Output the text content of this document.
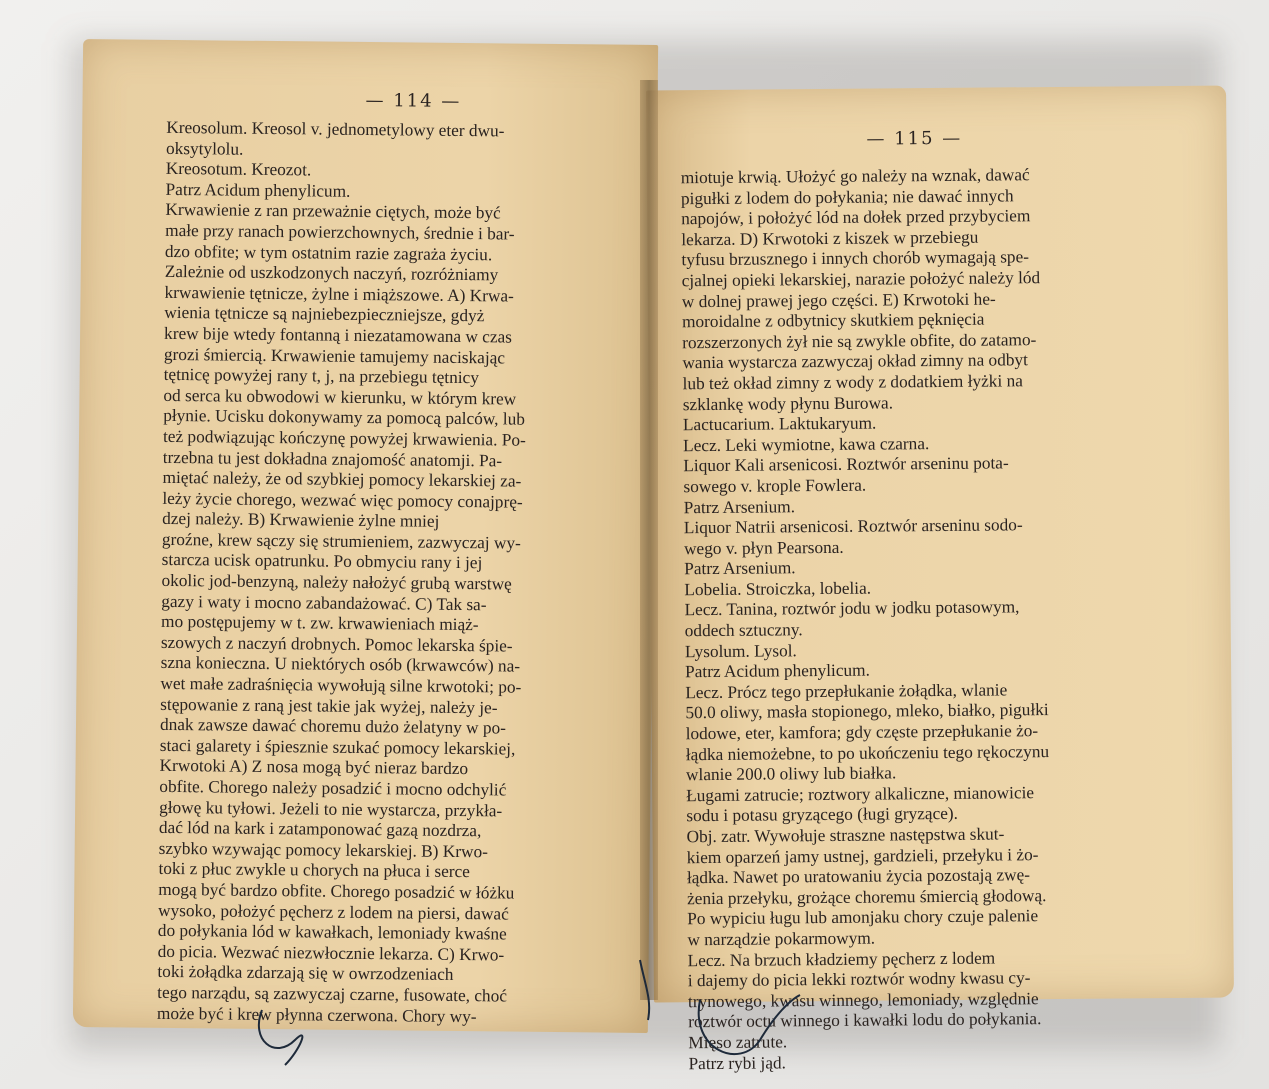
— 114 —
Kreosolum. Kreosol v. jednometylowy eter dwu-
oksytylolu.
Kreosotum. Kreozot.
Patrz Acidum phenylicum.
Krwawienie z ran przeważnie ciętych, może być
małe przy ranach powierzchownych, średnie i bar-
dzo obfite; w tym ostatnim razie zagraża życiu.
Zależnie od uszkodzonych naczyń, rozróżniamy
krwawienie tętnicze, żylne i miąższowe. A) Krwa-
wienia tętnicze są najniebezpieczniejsze, gdyż
krew bije wtedy fontanną i niezatamowana w czas
grozi śmiercią. Krwawienie tamujemy naciskając
tętnicę powyżej rany t, j, na przebiegu tętnicy
od serca ku obwodowi w kierunku, w którym krew
płynie. Ucisku dokonywamy za pomocą palców, lub
też podwiązując kończynę powyżej krwawienia. Po-
trzebna tu jest dokładna znajomość anatomji. Pa-
miętać należy, że od szybkiej pomocy lekarskiej za-
leży życie chorego, wezwać więc pomocy conajprę-
dzej należy. B) Krwawienie żylne mniej
groźne, krew sączy się strumieniem, zazwyczaj wy-
starcza ucisk opatrunku. Po obmyciu rany i jej
okolic jod-benzyną, należy nałożyć grubą warstwę
gazy i waty i mocno zabandażować. C) Tak sa-
mo postępujemy w t. zw. krwawieniach miąż-
szowych z naczyń drobnych. Pomoc lekarska śpie-
szna konieczna. U niektórych osób (krwawców) na-
wet małe zadraśnięcia wywołują silne krwotoki; po-
stępowanie z raną jest takie jak wyżej, należy je-
dnak zawsze dawać choremu dużo żelatyny w po-
staci galarety i śpiesznie szukać pomocy lekarskiej,
Krwotoki A) Z nosa mogą być nieraz bardzo
obfite. Chorego należy posadzić i mocno odchylić
głowę ku tyłowi. Jeżeli to nie wystarcza, przykła-
dać lód na kark i zatamponować gazą nozdrza,
szybko wzywając pomocy lekarskiej. B) Krwo-
toki z płuc zwykle u chorych na płuca i serce
mogą być bardzo obfite. Chorego posadzić w łóżku
wysoko, położyć pęcherz z lodem na piersi, dawać
do połykania lód w kawałkach, lemoniady kwaśne
do picia. Wezwać niezwłocznie lekarza. C) Krwo-
toki żołądka zdarzają się w owrzodzeniach
tego narządu, są zazwyczaj czarne, fusowate, choć
może być i krew płynna czerwona. Chory wy-
— 115 —
miotuje krwią. Ułożyć go należy na wznak, dawać
pigułki z lodem do połykania; nie dawać innych
napojów, i położyć lód na dołek przed przybyciem
lekarza. D) Krwotoki z kiszek w przebiegu
tyfusu brzusznego i innych chorób wymagają spe-
cjalnej opieki lekarskiej, narazie położyć należy lód
w dolnej prawej jego części. E) Krwotoki he-
moroidalne z odbytnicy skutkiem pęknięcia
rozszerzonych żył nie są zwykle obfite, do zatamo-
wania wystarcza zazwyczaj okład zimny na odbyt
lub też okład zimny z wody z dodatkiem łyżki na
szklankę wody płynu Burowa.
Lactucarium. Laktukaryum.
Lecz. Leki wymiotne, kawa czarna.
Liquor Kali arsenicosi. Roztwór arseninu pota-
sowego v. krople Fowlera.
Patrz Arsenium.
Liquor Natrii arsenicosi. Roztwór arseninu sodo-
wego v. płyn Pearsona.
Patrz Arsenium.
Lobelia. Stroiczka, lobelia.
Lecz. Tanina, roztwór jodu w jodku potasowym,
oddech sztuczny.
Lysolum. Lysol.
Patrz Acidum phenylicum.
Lecz. Prócz tego przepłukanie żołądka, wlanie
50.0 oliwy, masła stopionego, mleko, białko, pigułki
lodowe, eter, kamfora; gdy częste przepłukanie żo-
łądka niemożebne, to po ukończeniu tego rękoczynu
wlanie 200.0 oliwy lub białka.
Ługami zatrucie; roztwory alkaliczne, mianowicie
sodu i potasu gryzącego (ługi gryzące).
Obj. zatr. Wywołuje straszne następstwa skut-
kiem oparzeń jamy ustnej, gardzieli, przełyku i żo-
łądka. Nawet po uratowaniu życia pozostają zwę-
żenia przełyku, grożące choremu śmiercią głodową.
Po wypiciu ługu lub amonjaku chory czuje palenie
w narządzie pokarmowym.
Lecz. Na brzuch kładziemy pęcherz z lodem
i dajemy do picia lekki roztwór wodny kwasu cy-
trynowego, kwasu winnego, lemoniady, względnie
roztwór octu winnego i kawałki lodu do połykania.
Mięso zatrute.
Patrz rybi jąd.
